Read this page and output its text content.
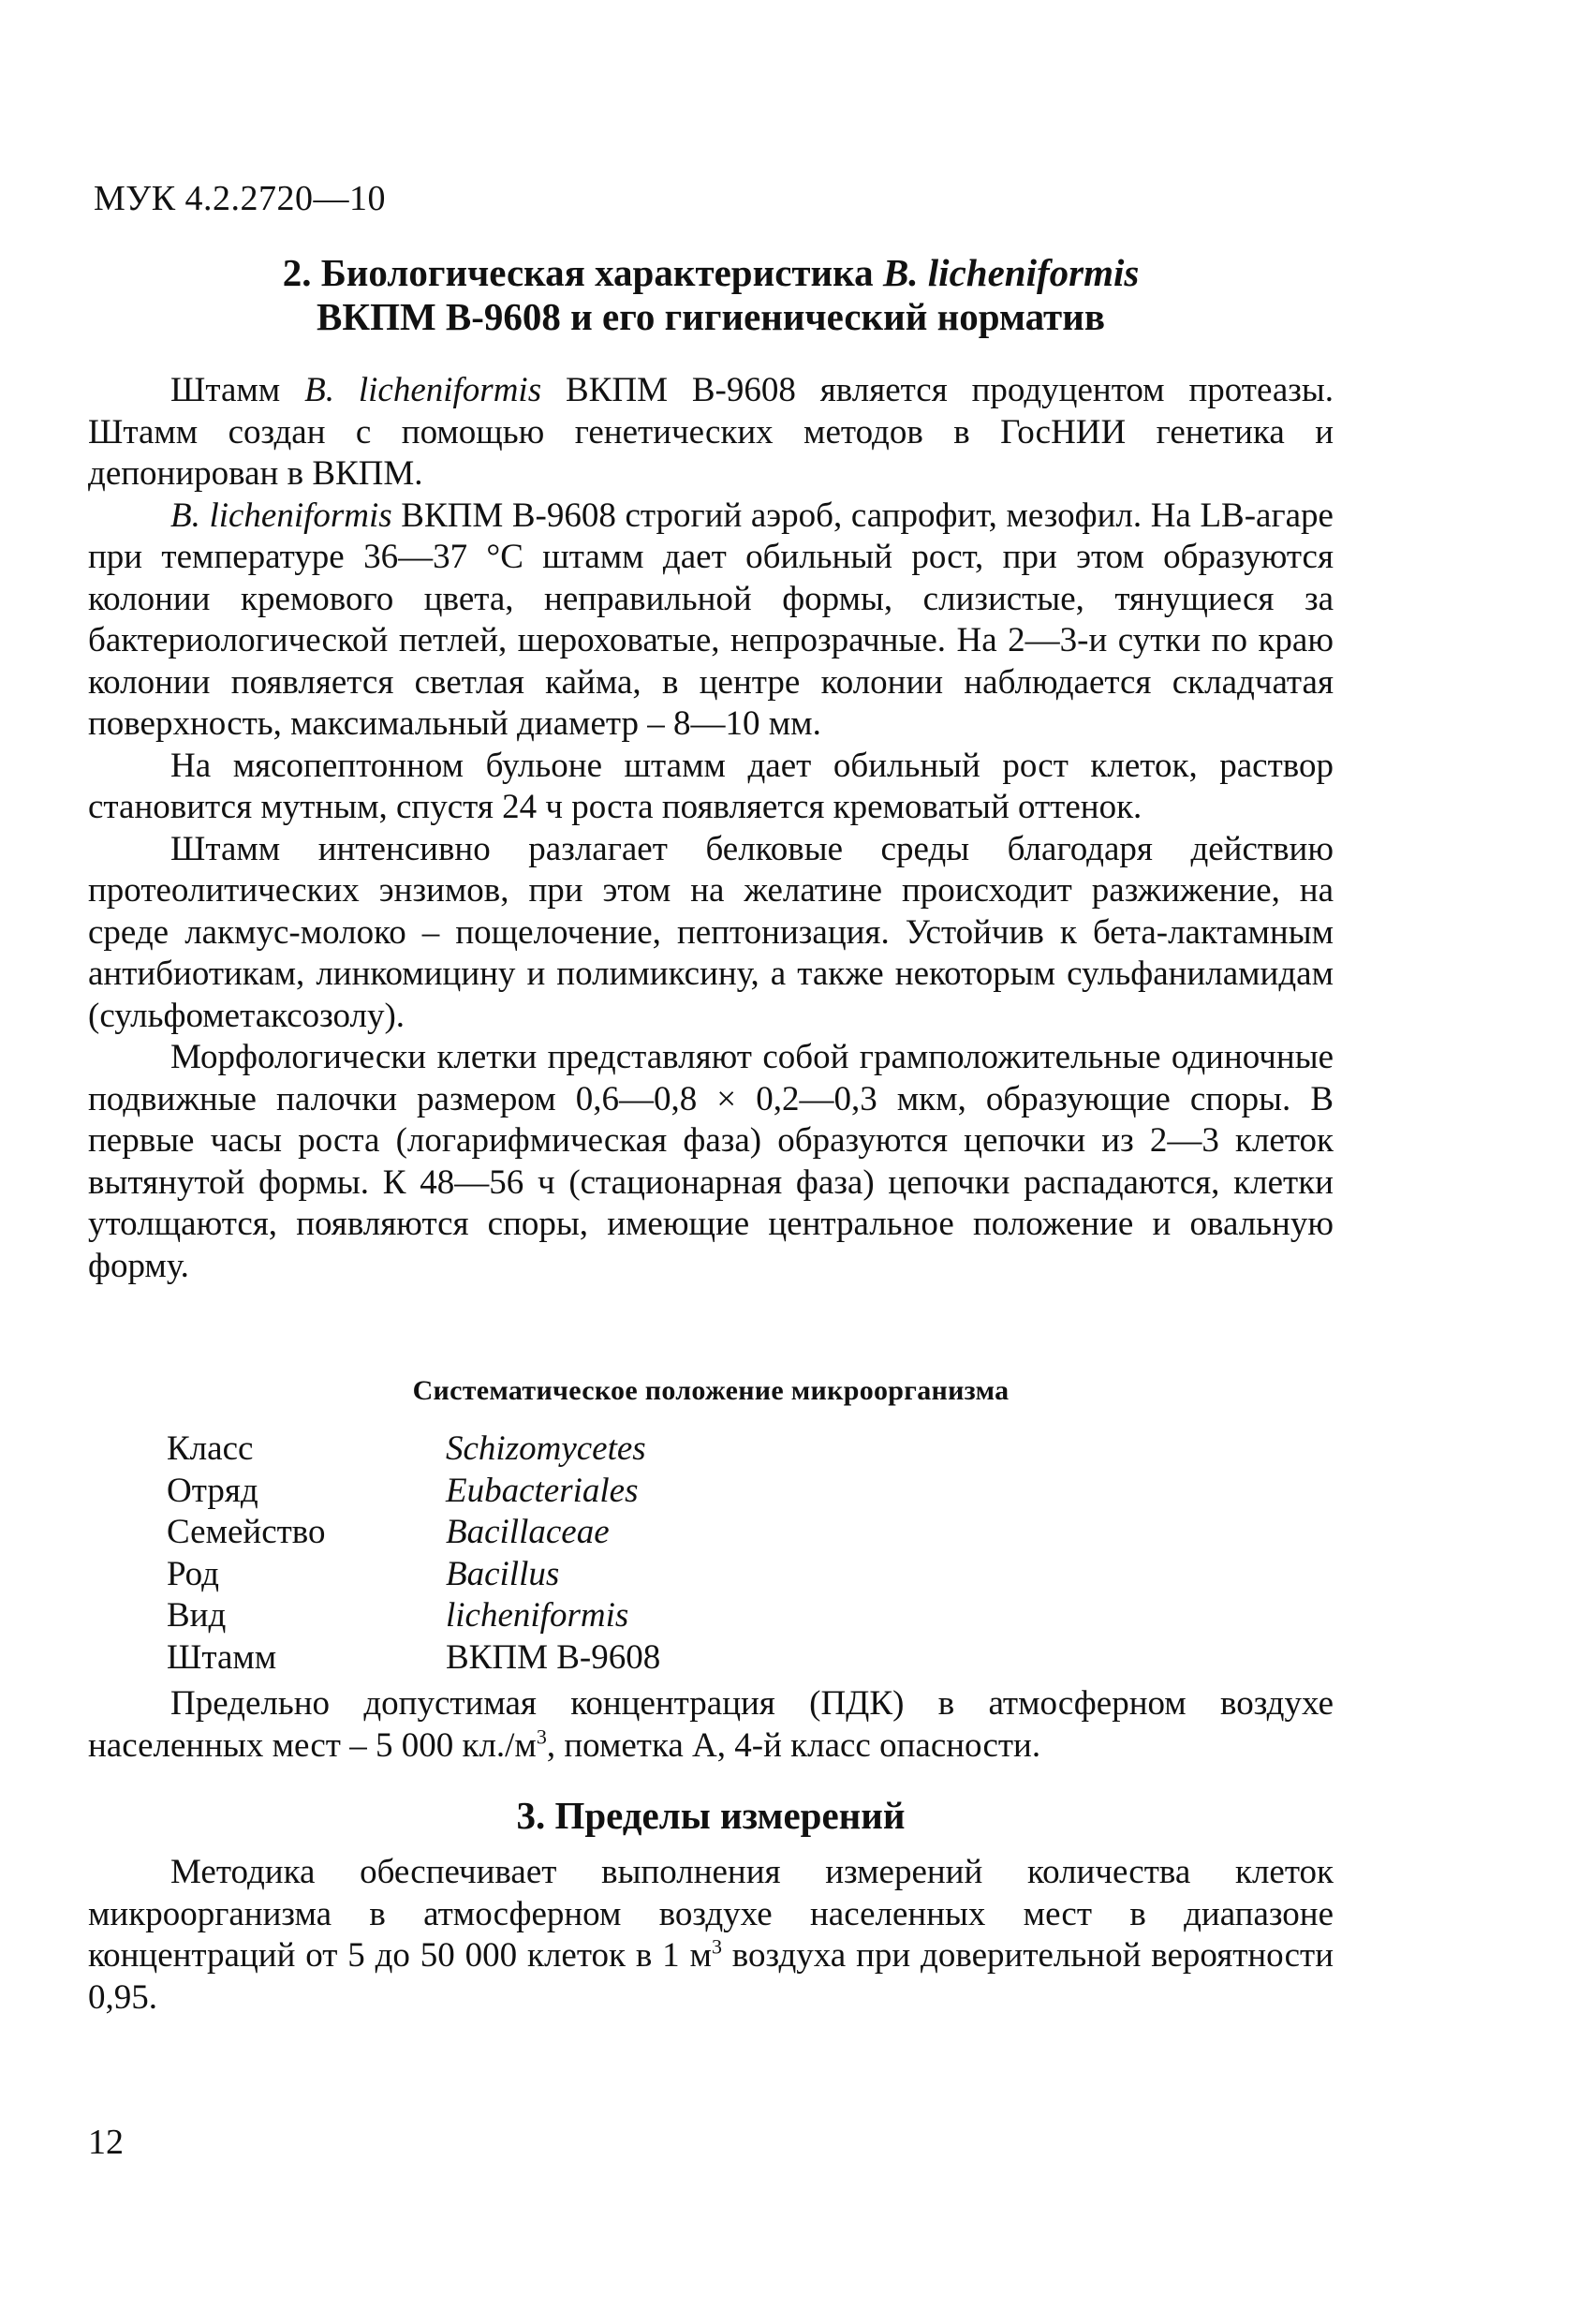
МУК 4.2.2720—10
2. Биологическая характеристика B. licheniformis
ВКПМ В-9608 и его гигиенический норматив

Штамм B. licheniformis ВКПМ В-9608 является продуцентом протеазы. Штамм создан с помощью генетических методов в ГосНИИ генетика и депонирован в ВКПМ.

B. licheniformis ВКПМ В-9608 строгий аэроб, сапрофит, мезофил. На LB-агаре при температуре 36—37 °С штамм дает обильный рост, при этом образуются колонии кремового цвета, неправильной формы, слизистые, тянущиеся за бактериологической петлей, шероховатые, непрозрачные. На 2—3-и сутки по краю колонии появляется светлая кайма, в центре колонии наблюдается складчатая поверхность, максимальный диаметр – 8—10 мм.

На мясопептонном бульоне штамм дает обильный рост клеток, раствор становится мутным, спустя 24 ч роста появляется кремоватый оттенок.

Штамм интенсивно разлагает белковые среды благодаря действию протеолитических энзимов, при этом на желатине происходит разжижение, на среде лакмус-молоко – пощелочение, пептонизация. Устойчив к бета-лактамным антибиотикам, линкомицину и полимиксину, а также некоторым сульфаниламидам (сульфометаксозолу).

Морфологически клетки представляют собой грамположительные одиночные подвижные палочки размером 0,6—0,8 × 0,2—0,3 мкм, образующие споры. В первые часы роста (логарифмическая фаза) образуются цепочки из 2—3 клеток вытянутой формы. К 48—56 ч (стационарная фаза) цепочки распадаются, клетки утолщаются, появляются споры, имеющие центральное положение и овальную форму.

Систематическое положение микроорганизма
Класс	Schizomycetes
Отряд	Eubacteriales
Семейство	Bacillaceae
Род	Bacillus
Вид	licheniformis
Штамм	ВКПМ В-9608

Предельно допустимая концентрация (ПДК) в атмосферном воздухе населенных мест – 5 000 $кл./м^3$, пометка А, 4-й класс опасности.

3. Пределы измерений

Методика обеспечивает выполнения измерений количества клеток микроорганизма в атмосферном воздухе населенных мест в диапазоне концентраций от 5 до 50 000 клеток в 1 $м^3$ воздуха при доверительной вероятности 0,95.

12
